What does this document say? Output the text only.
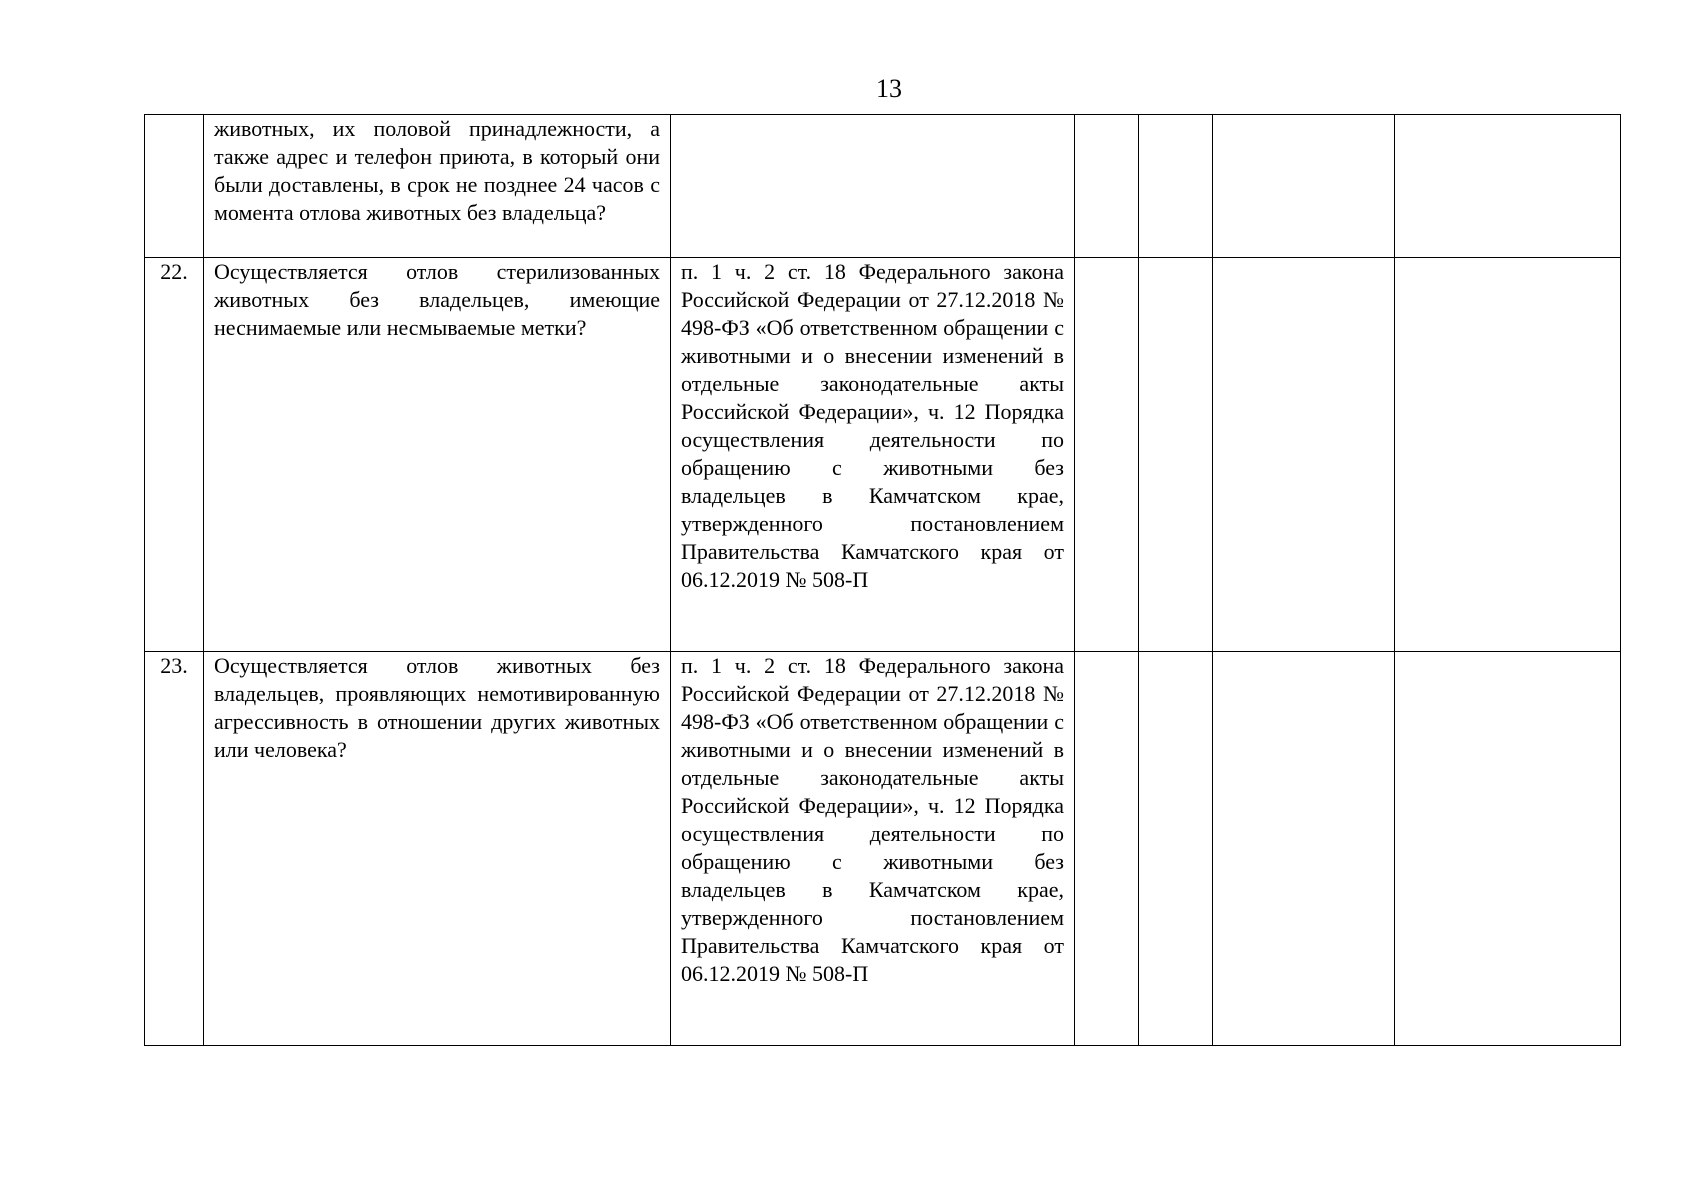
13
	животных, их половой принадлежности, а также адрес и телефон приюта, в который они были доставлены, в срок не позднее 24 часов с момента отлова животных без владельца?					
22.	Осуществляется отлов стерилизованных животных без владельцев, имеющие неснимаемые или несмываемые метки?	п. 1 ч. 2 ст. 18 Федерального закона Российской Федерации от 27.12.2018 № 498-ФЗ «Об ответственном обращении с животными и о внесении изменений в отдельные законодательные акты Российской Федерации», ч. 12 Порядка осуществления деятельности по обращению с животными без владельцев в Камчатском крае, утвержденного постановлением Правительства Камчатского края от 06.12.2019 № 508-П				
23.	Осуществляется отлов животных без владельцев, проявляющих немотивированную агрессивность в отношении других животных или человека?	п. 1 ч. 2 ст. 18 Федерального закона Российской Федерации от 27.12.2018 № 498-ФЗ «Об ответственном обращении с животными и о внесении изменений в отдельные законодательные акты Российской Федерации», ч. 12 Порядка осуществления деятельности по обращению с животными без владельцев в Камчатском крае, утвержденного постановлением Правительства Камчатского края от 06.12.2019 № 508-П				
